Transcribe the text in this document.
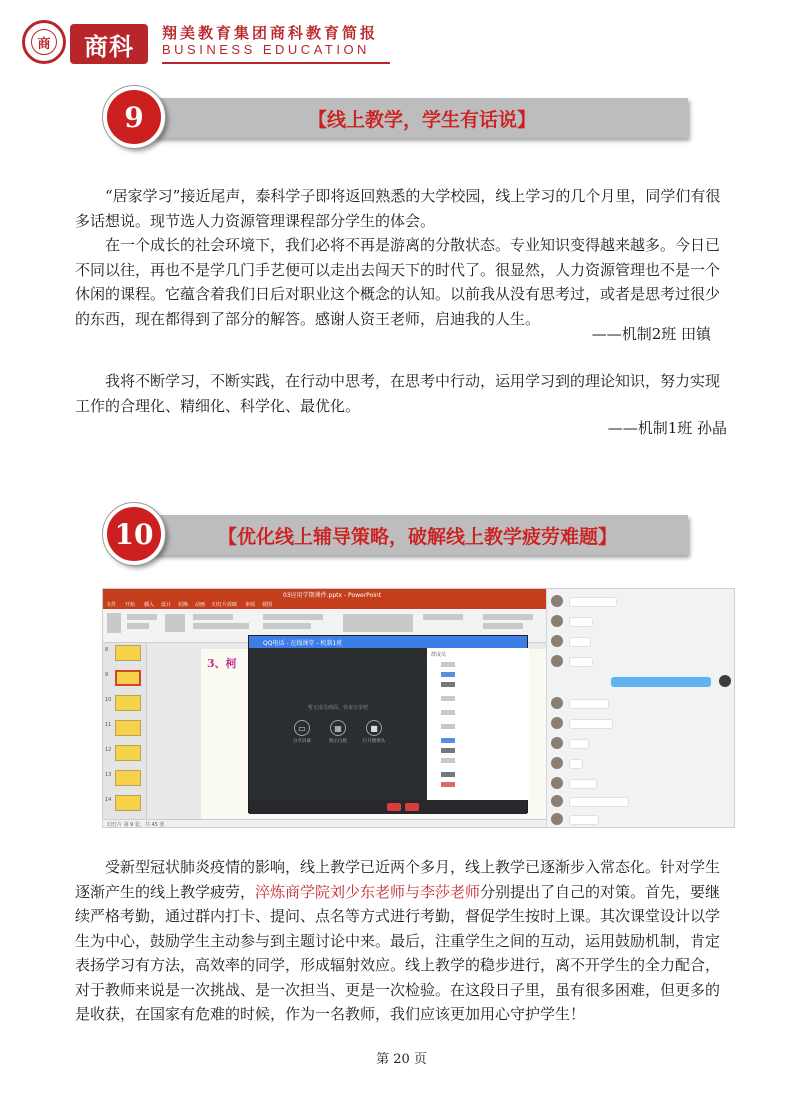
商	商科	翔美教育集团商科教育简报
BUSINESS EDUCATION
9	【线上教学，学生有话说】

“居家学习”接近尾声，泰科学子即将返回熟悉的大学校园，线上学习的几个月里，同学们有很多话想说。现节选人力资源管理课程部分学生的体会。

在一个成长的社会环境下，我们必将不再是游离的分散状态。专业知识变得越来越多。今日已不同以往，再也不是学几门手艺便可以走出去闯天下的时代了。很显然，人力资源管理也不是一个休闲的课程。它蕴含着我们日后对职业这个概念的认知。以前我从没有思考过，或者是思考过很少的东西，现在都得到了部分的解答。感谢人资王老师，启迪我的人生。

——机制2班 田镇

我将不断学习，不断实践，在行动中思考，在思考中行动，运用学习到的理论知识，努力实现工作的合理化、精细化、科学化、最优化。

——机制1班 孙晶
10	【优化线上辅导策略，破解线上教学疲劳难题】
03应用学期课件.pptx - PowerPoint
文件 开始 插入 设计 切换 动画 幻灯片放映 审阅 视图
8
9
10
11
12
13
14
3、柯
幻灯片 第 9 张，共 45 张
QQ电话 - 在线课堂 - 机制1班
暂无成员画面，快来分享吧
▭
分享屏幕
▦
演示白板
■
打开摄像头
群成员

受新型冠状肺炎疫情的影响，线上教学已近两个多月，线上教学已逐渐步入常态化。针对学生逐渐产生的线上教学疲劳，淬炼商学院刘少东老师与李莎老师分别提出了自己的对策。首先，要继续严格考勤，通过群内打卡、提问、点名等方式进行考勤，督促学生按时上课。其次课堂设计以学生为中心，鼓励学生主动参与到主题讨论中来。最后，注重学生之间的互动，运用鼓励机制，肯定表扬学习有方法，高效率的同学，形成辐射效应。线上教学的稳步进行，离不开学生的全力配合，对于教师来说是一次挑战、是一次担当、更是一次检验。在这段日子里，虽有很多困难，但更多的是收获，在国家有危难的时候，作为一名教师，我们应该更加用心守护学生！

第 20 页
